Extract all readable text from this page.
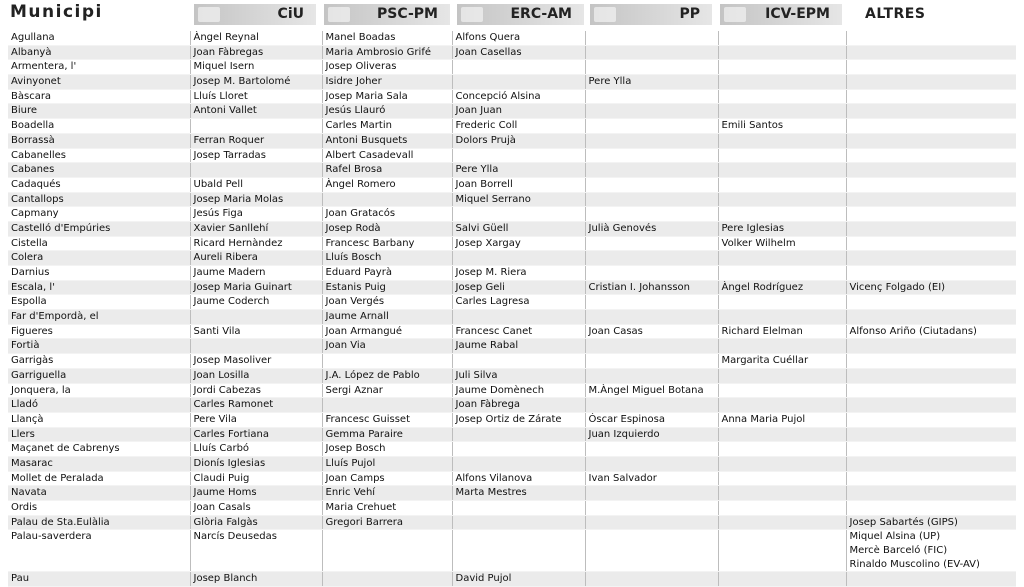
Municipi	CiU	PSC-PM	ERC-AM	PP	ICV-EPM	ALTRES
Agullana	Àngel Reynal	Manel Boadas	Alfons Quera			
Albanyà	Joan Fàbregas	Maria Ambrosio Grifé	Joan Casellas			
Armentera, l'	Miquel Isern	Josep Oliveras				
Avinyonet	Josep M. Bartolomé	Isidre Joher		Pere Ylla		
Bàscara	Lluís Lloret	Josep Maria Sala	Concepció Alsina			
Biure	Antoni Vallet	Jesús Llauró	Joan Juan			
Boadella		Carles Martin	Frederic Coll		Emili Santos	
Borrassà	Ferran Roquer	Antoni Busquets	Dolors Prujà			
Cabanelles	Josep Tarradas	Albert Casadevall				
Cabanes		Rafel Brosa	Pere Ylla			
Cadaqués	Ubald Pell	Àngel Romero	Joan Borrell			
Cantallops	Josep Maria Molas		Miquel Serrano			
Capmany	Jesús Figa	Joan Gratacós				
Castelló d'Empúries	Xavier Sanllehí	Josep Rodà	Salvi Güell	Julià Genovés	Pere Iglesias	
Cistella	Ricard Hernàndez	Francesc Barbany	Josep Xargay		Volker Wilhelm	
Colera	Aureli Ribera	Lluís Bosch				
Darnius	Jaume Madern	Eduard Payrà	Josep M. Riera			
Escala, l'	Josep Maria Guinart	Estanis Puig	Josep Geli	Cristian I. Johansson	Àngel Rodríguez	Vicenç Folgado (EI)
Espolla	Jaume Coderch	Joan Vergés	Carles Lagresa			
Far d'Empordà, el		Jaume Arnall				
Figueres	Santi Vila	Joan Armangué	Francesc Canet	Joan Casas	Richard Elelman	Alfonso Ariño (Ciutadans)
Fortià		Joan Via	Jaume Rabal			
Garrigàs	Josep Masoliver				Margarita Cuéllar	
Garriguella	Joan Losilla	J.A. López de Pablo	Juli Silva			
Jonquera, la	Jordi Cabezas	Sergi Aznar	Jaume Domènech	M.Àngel Miguel Botana		
Lladó	Carles Ramonet		Joan Fàbrega			
Llançà	Pere Vila	Francesc Guisset	Josep Ortiz de Zárate	Óscar Espinosa	Anna Maria Pujol	
Llers	Carles Fortiana	Gemma Paraire		Juan Izquierdo		
Maçanet de Cabrenys	Lluís Carbó	Josep Bosch				
Masarac	Dionís Iglesias	Lluís Pujol				
Mollet de Peralada	Claudi Puig	Joan Camps	Alfons Vilanova	Ivan Salvador		
Navata	Jaume Homs	Enric Vehí	Marta Mestres			
Ordis	Joan Casals	Maria Crehuet				
Palau de Sta.Eulàlia	Glòria Falgàs	Gregori Barrera				Josep Sabartés (GIPS)
Palau-saverdera	Narcís Deusedas					Miquel Alsina (UP)
Mercè Barceló (FIC)
Rinaldo Muscolino (EV-AV)

Pau	Josep Blanch		David Pujol			
